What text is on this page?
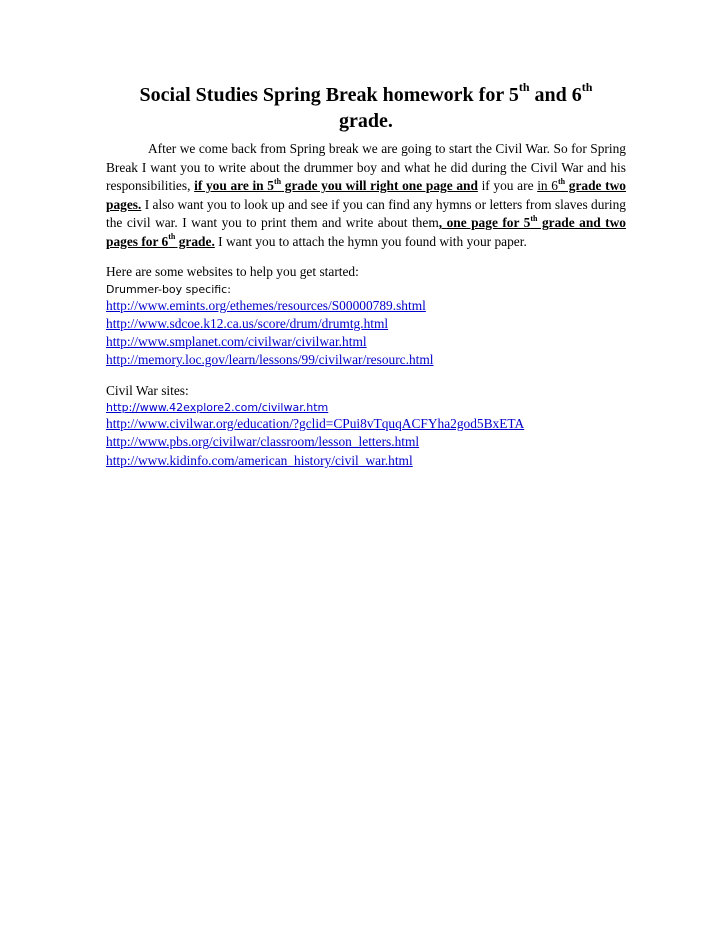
Social Studies Spring Break homework for 5th and 6th
grade.

After we come back from Spring break we are going to start the Civil War. So for Spring Break I want you to write about the drummer boy and what he did during the Civil War and his responsibilities, if you are in 5th grade you will right one page and if you are in 6th grade two pages. I also want you to look up and see if you can find any hymns or letters from slaves during the civil war. I want you to print them and write about them, one page for 5th grade and two pages for 6th grade. I want you to attach the hymn you found with your paper.

Here are some websites to help you get started:

Drummer-boy specific:

http://www.emints.org/ethemes/resources/S00000789.shtml
http://www.sdcoe.k12.ca.us/score/drum/drumtg.html
http://www.smplanet.com/civilwar/civilwar.html
http://memory.loc.gov/learn/lessons/99/civilwar/resourc.html

Civil War sites:

http://www.42explore2.com/civilwar.htm
http://www.civilwar.org/education/?gclid=CPui8vTquqACFYha2god5BxETA
http://www.pbs.org/civilwar/classroom/lesson_letters.html
http://www.kidinfo.com/american_history/civil_war.html
